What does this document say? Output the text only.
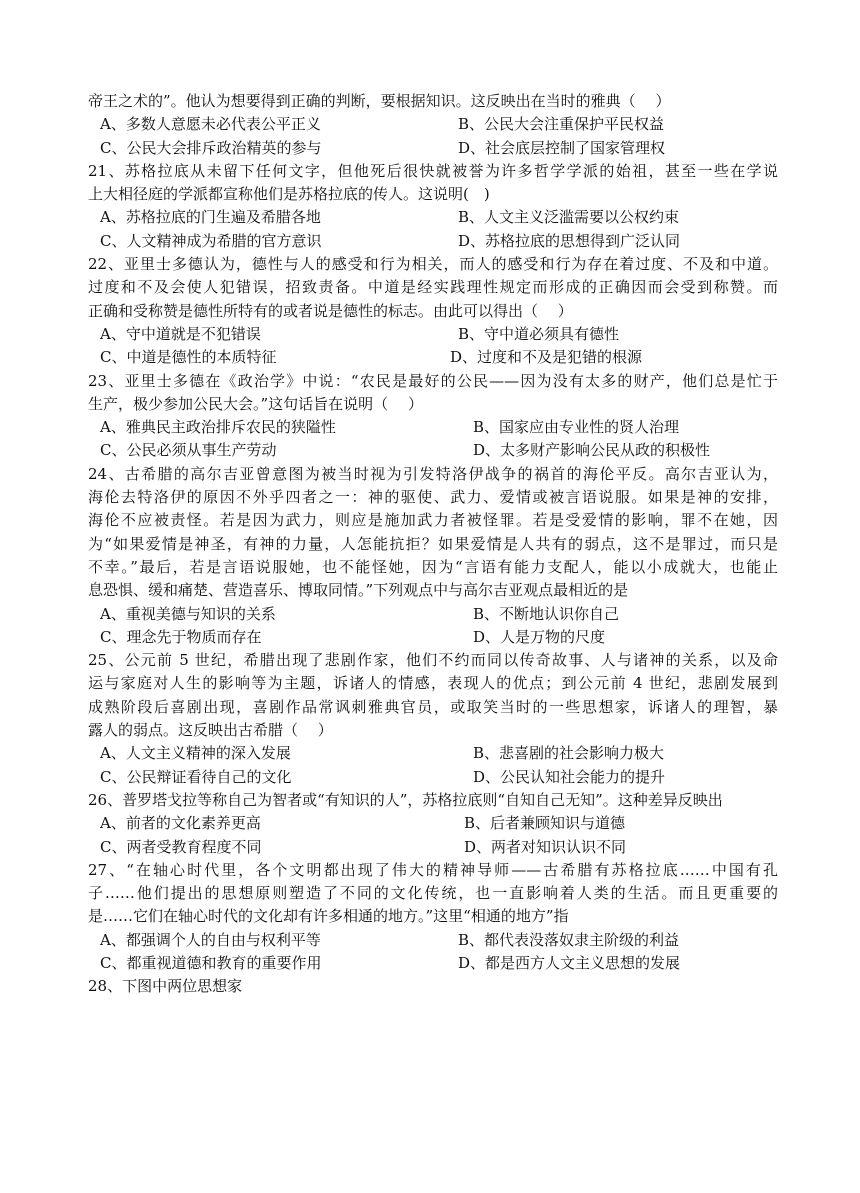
帝王之术的”。他认为想要得到正确的判断，要根据知识。这反映出在当时的雅典（　 ）
A、多数人意愿未必代表公平正义	B、公民大会注重保护平民权益
C、公民大会排斥政治精英的参与	D、社会底层控制了国家管理权
21、苏格拉底从未留下任何文字，但他死后很快就被誉为许多哲学学派的始祖，甚至一些在学说
上大相径庭的学派都宣称他们是苏格拉底的传人。这说明(　)
A、苏格拉底的门生遍及希腊各地	B、人文主义泛滥需要以公权约束
C、人文精神成为希腊的官方意识	D、苏格拉底的思想得到广泛认同
22、亚里士多德认为，德性与人的感受和行为相关，而人的感受和行为存在着过度、不及和中道。
过度和不及会使人犯错误，招致责备。中道是经实践理性规定而形成的正确因而会受到称赞。而
正确和受称赞是德性所特有的或者说是德性的标志。由此可以得出（　 ）
A、守中道就是不犯错误	B、守中道必须具有德性
C、中道是德性的本质特征	D、过度和不及是犯错的根源
23、亚里士多德在《政治学》中说：“农民是最好的公民——因为没有太多的财产，他们总是忙于
生产，极少参加公民大会。”这句话旨在说明（　 ）
A、雅典民主政治排斥农民的狭隘性	B、国家应由专业性的贤人治理
C、公民必须从事生产劳动	D、太多财产影响公民从政的积极性
24、古希腊的高尔吉亚曾意图为被当时视为引发特洛伊战争的祸首的海伦平反。高尔吉亚认为，
海伦去特洛伊的原因不外乎四者之一：神的驱使、武力、爱情或被言语说服。如果是神的安排，
海伦不应被责怪。若是因为武力，则应是施加武力者被怪罪。若是受爱情的影响，罪不在她，因
为“如果爱情是神圣，有神的力量，人怎能抗拒？如果爱情是人共有的弱点，这不是罪过，而只是
不幸。”最后，若是言语说服她，也不能怪她，因为“言语有能力支配人，能以小成就大，也能止
息恐惧、缓和痛楚、营造喜乐、博取同情。”下列观点中与高尔吉亚观点最相近的是
A、重视美德与知识的关系	B、不断地认识你自己
C、理念先于物质而存在	D、人是万物的尺度
25、公元前 5 世纪，希腊出现了悲剧作家，他们不约而同以传奇故事、人与诸神的关系，以及命
运与家庭对人生的影响等为主题，诉诸人的情感，表现人的优点；到公元前 4 世纪，悲剧发展到
成熟阶段后喜剧出现，喜剧作品常讽刺雅典官员，或取笑当时的一些思想家，诉诸人的理智，暴
露人的弱点。这反映出古希腊（　 ）
A、人文主义精神的深入发展	B、悲喜剧的社会影响力极大
C、公民辩证看待自己的文化	D、公民认知社会能力的提升
26、普罗塔戈拉等称自己为智者或“有知识的人”，苏格拉底则“自知自己无知”。这种差异反映出
A、前者的文化素养更高	B、后者兼顾知识与道德
C、两者受教育程度不同	D、两者对知识认识不同
27、“在轴心时代里，各个文明都出现了伟大的精神导师——古希腊有苏格拉底……中国有孔
子……他们提出的思想原则塑造了不同的文化传统，也一直影响着人类的生活。而且更重要的
是……它们在轴心时代的文化却有许多相通的地方。”这里“相通的地方”指
A、都强调个人的自由与权利平等	B、都代表没落奴隶主阶级的利益
C、都重视道德和教育的重要作用	D、都是西方人文主义思想的发展
28、下图中两位思想家
